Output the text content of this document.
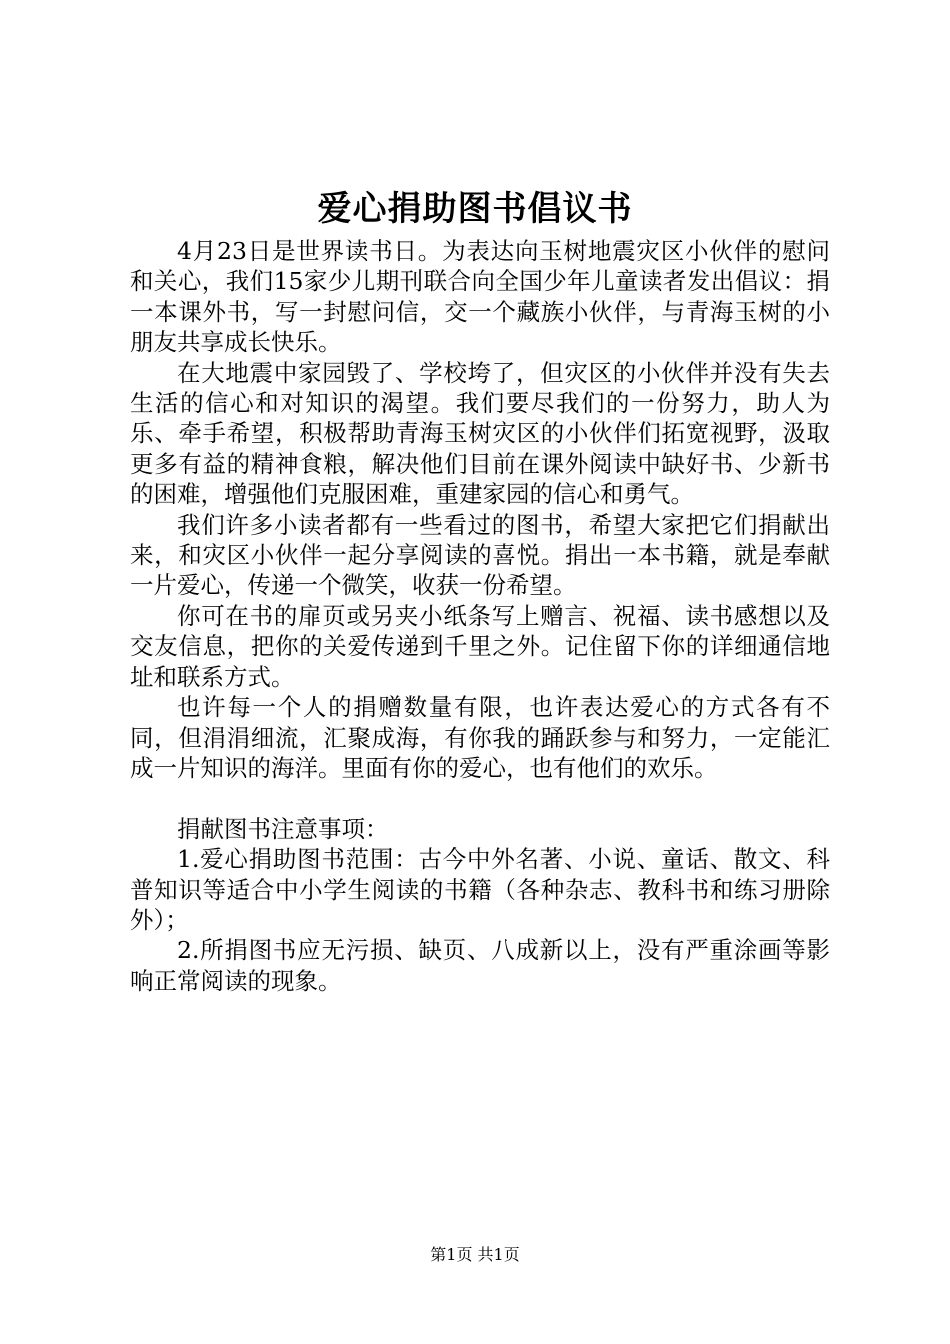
爱心捐助图书倡议书

4月23日是世界读书日。为表达向玉树地震灾区小伙伴的慰问和关心，我们15家少儿期刊联合向全国少年儿童读者发出倡议：捐一本课外书，写一封慰问信，交一个藏族小伙伴，与青海玉树的小朋友共享成长快乐。

在大地震中家园毁了、学校垮了，但灾区的小伙伴并没有失去生活的信心和对知识的渴望。我们要尽我们的一份努力，助人为乐、牵手希望，积极帮助青海玉树灾区的小伙伴们拓宽视野，汲取更多有益的精神食粮，解决他们目前在课外阅读中缺好书、少新书的困难，增强他们克服困难，重建家园的信心和勇气。

我们许多小读者都有一些看过的图书，希望大家把它们捐献出来，和灾区小伙伴一起分享阅读的喜悦。捐出一本书籍，就是奉献一片爱心，传递一个微笑，收获一份希望。

你可在书的扉页或另夹小纸条写上赠言、祝福、读书感想以及交友信息，把你的关爱传递到千里之外。记住留下你的详细通信地址和联系方式。

也许每一个人的捐赠数量有限，也许表达爱心的方式各有不同，但涓涓细流，汇聚成海，有你我的踊跃参与和努力，一定能汇成一片知识的海洋。里面有你的爱心，也有他们的欢乐。

捐献图书注意事项：

1.爱心捐助图书范围：古今中外名著、小说、童话、散文、科普知识等适合中小学生阅读的书籍（各种杂志、教科书和练习册除外）；

2.所捐图书应无污损、缺页、八成新以上，没有严重涂画等影响正常阅读的现象。

第1页 共1页
